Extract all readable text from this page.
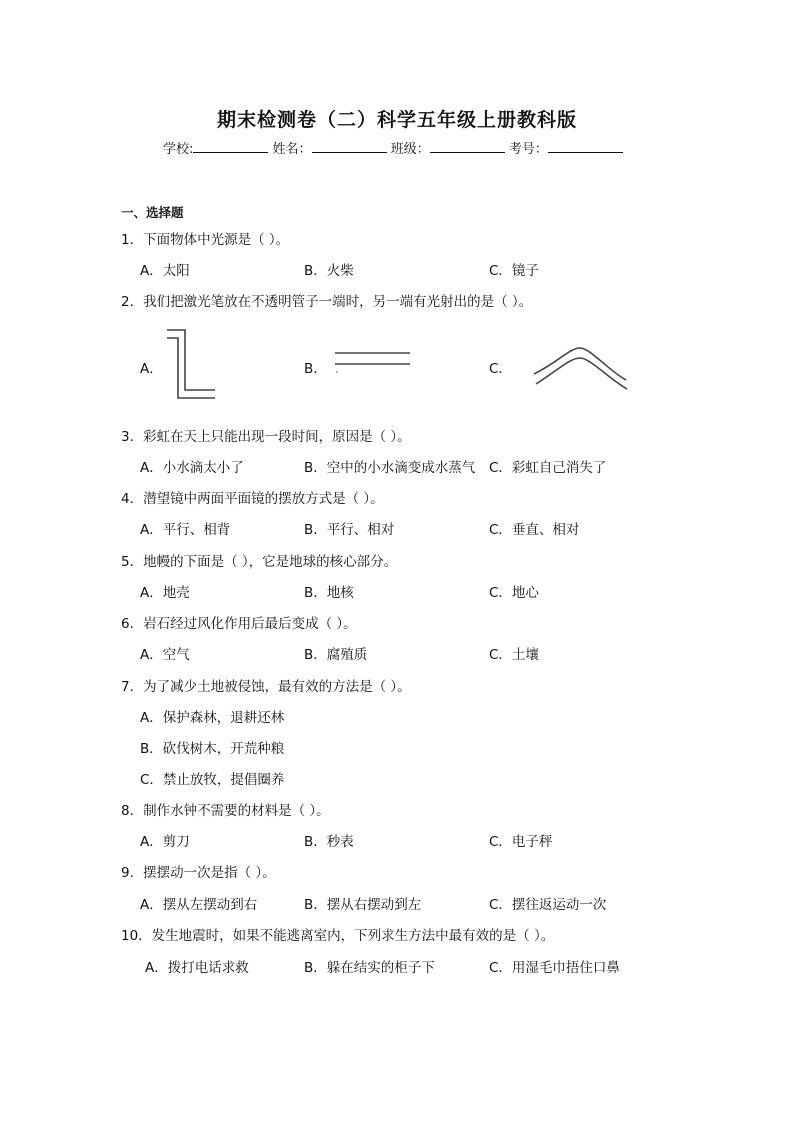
期末检测卷（二）科学五年级上册教科版
学校:	姓名：	班级：	考号：
一、选择题
1．下面物体中光源是（ ）。
A．太阳	B．火柴	C．镜子
2．我们把激光笔放在不透明管子一端时，另一端有光射出的是（ ）。
A．	B．	C．
3．彩虹在天上只能出现一段时间，原因是（ ）。
A．小水滴太小了	B．空中的小水滴变成水蒸气 C．彩虹自己消失了
4．潜望镜中两面平面镜的摆放方式是（ ）。
A．平行、相背	B．平行、相对	C．垂直、相对
5．地幔的下面是（ ），它是地球的核心部分。
A．地壳	B．地核	C．地心
6．岩石经过风化作用后最后变成（ ）。
A．空气	B．腐殖质	C．土壤
7．为了减少土地被侵蚀，最有效的方法是（ ）。
A．保护森林，退耕还林
B．砍伐树木，开荒种粮
C．禁止放牧，提倡圈养
8．制作水钟不需要的材料是（ ）。
A．剪刀	B．秒表	C．电子秤
9．摆摆动一次是指（ ）。
A．摆从左摆动到右	B．摆从右摆动到左	C．摆往返运动一次
10．发生地震时，如果不能逃离室内，下列求生方法中最有效的是（ ）。
A．拨打电话求救	B．躲在结实的柜子下	C．用湿毛巾捂住口鼻
